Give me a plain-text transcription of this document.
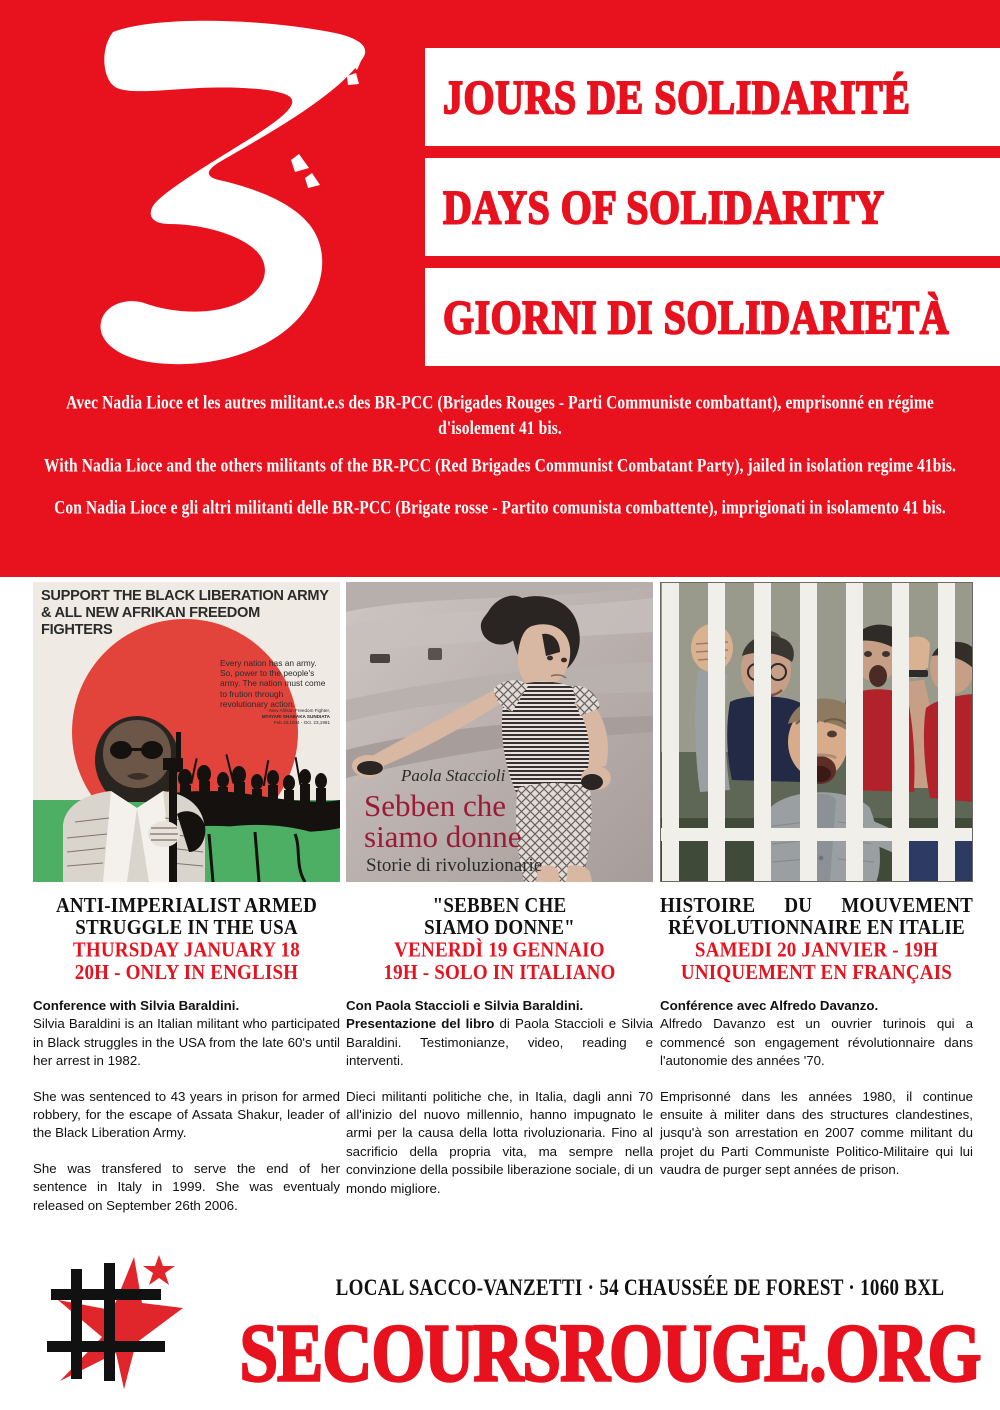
JOURS DE SOLIDARITÉ
DAYS OF SOLIDARITY
GIORNI DI SOLIDARIETÀ
Avec Nadia Lioce et les autres militant.e.s des BR-PCC (Brigades Rouges - Parti Communiste combattant), emprisonné en régime d'isolement 41 bis.
With Nadia Lioce and the others militants of the BR-PCC (Red Brigades Communist Combatant Party), jailed in isolation regime 41bis.
Con Nadia Lioce e gli altri militanti delle BR-PCC (Brigate rosse - Partito comunista combattente), imprigionati in isolamento 41 bis.
SUPPORT THE BLACK LIBERATION ARMY
& ALL NEW AFRIKAN FREEDOM FIGHTERS
Every nation has an army. So, power to the people's army. The nation must come to frution through revolutionary action.
- New Afrikan Freedom Fighter,
MTAYARI SHABAKA SUNDIATA
Feb 18,1944 - Oct. 23,1981
ANTI-IMPERIALIST ARMED
STRUGGLE IN THE USA
THURSDAY JANUARY 18
20H - ONLY IN ENGLISH

Conference with Silvia Baraldini.
Silvia Baraldini is an Italian militant who participated in Black struggles in the USA from the late 60's until her arrest in 1982.

She was sentenced to 43 years in prison for armed robbery, for the escape of Assata Shakur, leader of the Black Liberation Army.

She was transfered to serve the end of her sentence in Italy in 1999. She was eventualy released on September 26th 2006.

Paola Staccioli
Sebben che
siamo donne
Storie di rivoluzionarie
"SEBBEN CHE
SIAMO DONNE"
VENERDÌ 19 GENNAIO
19H - SOLO IN ITALIANO

Con Paola Staccioli e Silvia Baraldini.
Presentazione del libro di Paola Staccioli e Silvia Baraldini. Testimonianze, video, reading e interventi.

Dieci militanti politiche che, in Italia, dagli anni 70 all'inizio del nuovo millennio, hanno impugnato le armi per la causa della lotta rivoluzionaria. Fino al sacrificio della propria vita, ma sempre nella convinzione della possibile liberazione sociale, di un mondo migliore.

HISTOIRE DU MOUVEMENT
RÉVOLUTIONNAIRE EN ITALIE
SAMEDI 20 JANVIER - 19H
UNIQUEMENT EN FRANÇAIS

Conférence avec Alfredo Davanzo.
Alfredo Davanzo est un ouvrier turinois qui a commencé son engagement révolutionnaire dans l'autonomie des années '70.

Emprisonné dans les années 1980, il continue ensuite à militer dans des structures clandestines, jusqu'à son arrestation en 2007 comme militant du projet du Parti Communiste Politico-Militaire qui lui vaudra de purger sept années de prison.

LOCAL SACCO-VANZETTI · 54 CHAUSSÉE DE FOREST · 1060 BXL
SECOURSROUGE.ORG
